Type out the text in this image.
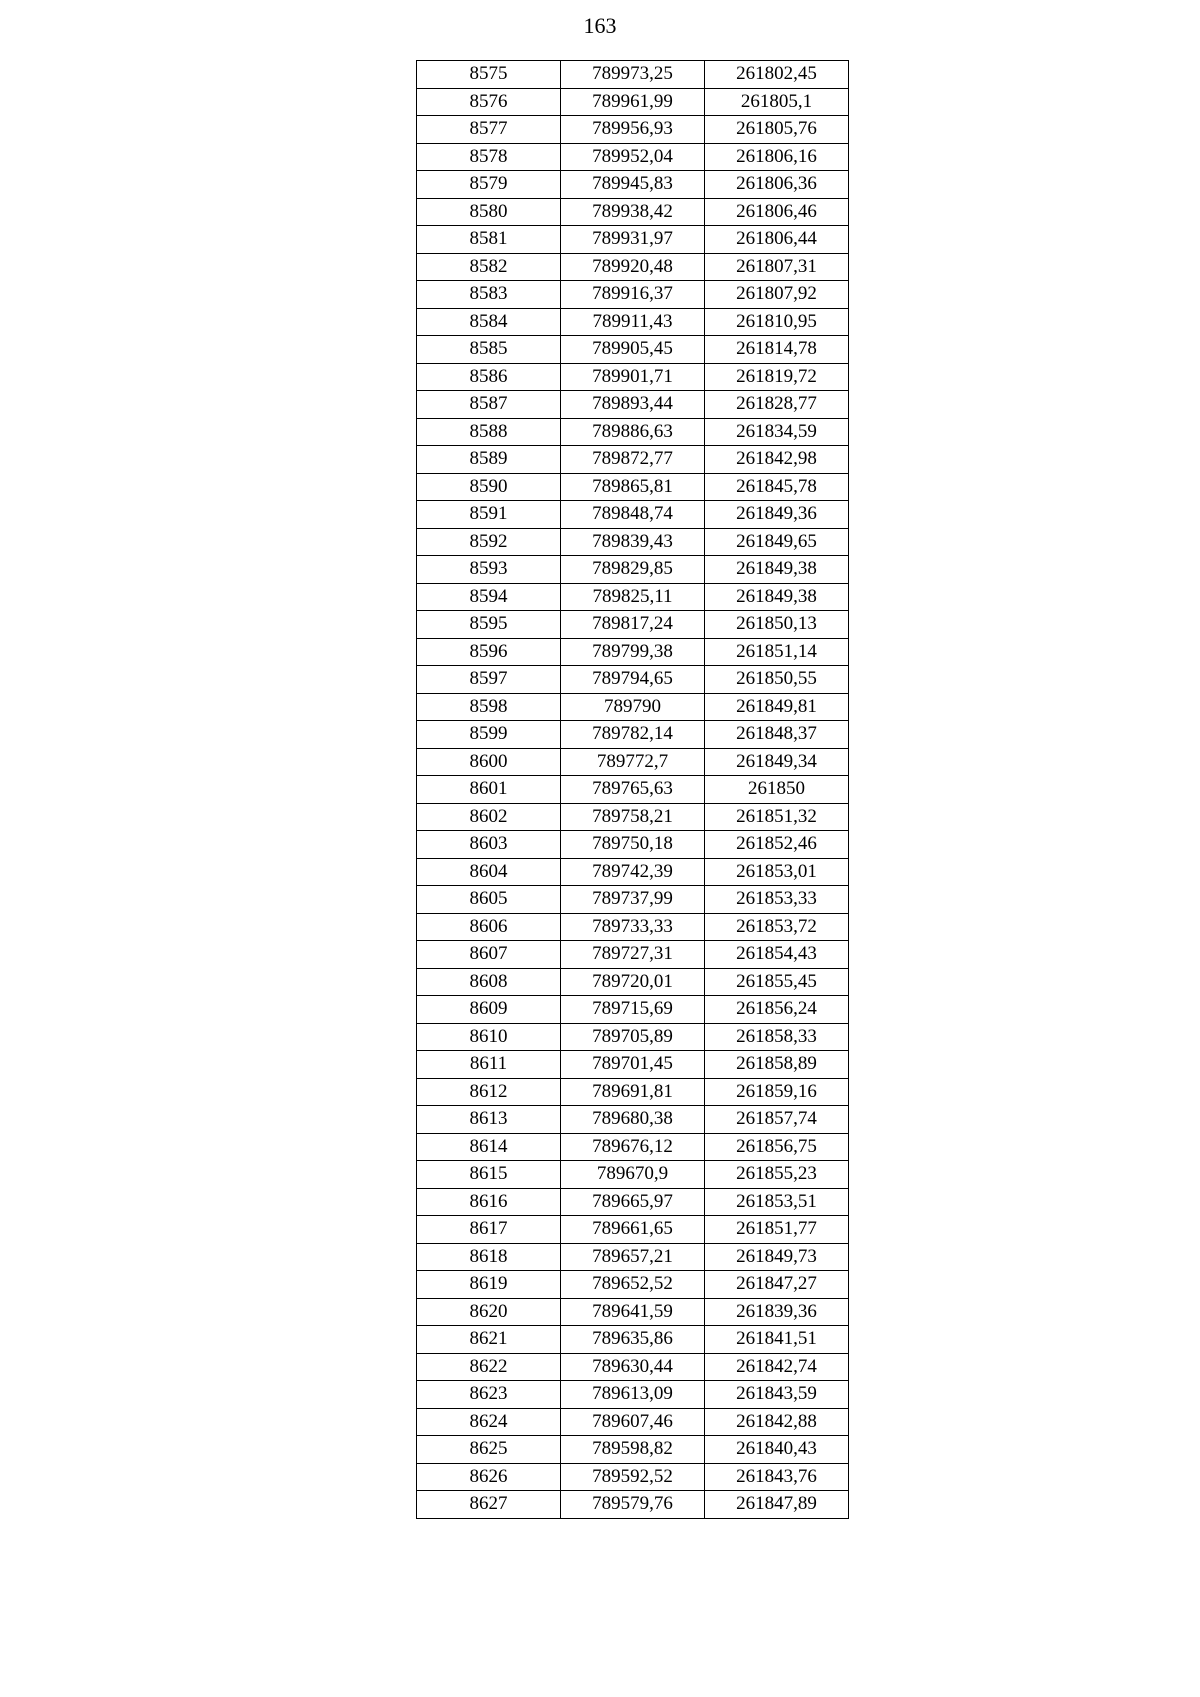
163
8575	789973,25	261802,45
8576	789961,99	261805,1
8577	789956,93	261805,76
8578	789952,04	261806,16
8579	789945,83	261806,36
8580	789938,42	261806,46
8581	789931,97	261806,44
8582	789920,48	261807,31
8583	789916,37	261807,92
8584	789911,43	261810,95
8585	789905,45	261814,78
8586	789901,71	261819,72
8587	789893,44	261828,77
8588	789886,63	261834,59
8589	789872,77	261842,98
8590	789865,81	261845,78
8591	789848,74	261849,36
8592	789839,43	261849,65
8593	789829,85	261849,38
8594	789825,11	261849,38
8595	789817,24	261850,13
8596	789799,38	261851,14
8597	789794,65	261850,55
8598	789790	261849,81
8599	789782,14	261848,37
8600	789772,7	261849,34
8601	789765,63	261850
8602	789758,21	261851,32
8603	789750,18	261852,46
8604	789742,39	261853,01
8605	789737,99	261853,33
8606	789733,33	261853,72
8607	789727,31	261854,43
8608	789720,01	261855,45
8609	789715,69	261856,24
8610	789705,89	261858,33
8611	789701,45	261858,89
8612	789691,81	261859,16
8613	789680,38	261857,74
8614	789676,12	261856,75
8615	789670,9	261855,23
8616	789665,97	261853,51
8617	789661,65	261851,77
8618	789657,21	261849,73
8619	789652,52	261847,27
8620	789641,59	261839,36
8621	789635,86	261841,51
8622	789630,44	261842,74
8623	789613,09	261843,59
8624	789607,46	261842,88
8625	789598,82	261840,43
8626	789592,52	261843,76
8627	789579,76	261847,89
